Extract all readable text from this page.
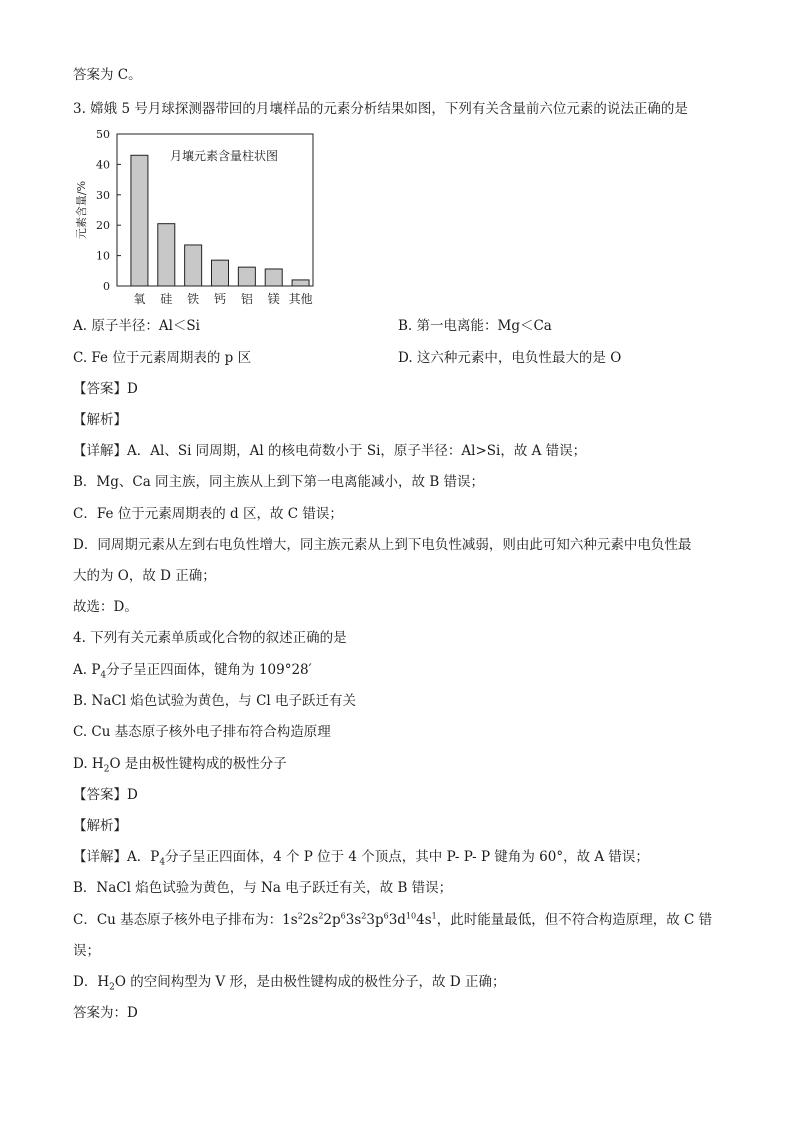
答案为 C。
3. 嫦娥 5 号月球探测器带回的月壤样品的元素分析结果如图，下列有关含量前六位元素的说法正确的是
0
10
20
30
40
50
元素含量/%
月壤元素含量柱状图
氧 硅 铁 钙 铝 镁 其他
A. 原子半径：Al＜Si	B. 第一电离能：Mg＜Ca
C. Fe 位于元素周期表的 p 区	D. 这六种元素中，电负性最大的是 O
【答案】D
【解析】
【详解】A．Al、Si 同周期，Al 的核电荷数小于 Si，原子半径：Al>Si，故 A 错误；
B．Mg、Ca 同主族，同主族从上到下第一电离能减小，故 B 错误；
C．Fe 位于元素周期表的 d 区，故 C 错误；
D．同周期元素从左到右电负性增大，同主族元素从上到下电负性减弱，则由此可知六种元素中电负性最
大的为 O，故 D 正确；
故选：D。
4. 下列有关元素单质或化合物的叙述正确的是
A. $P_4$分子呈正四面体，键角为 109°28′
B. NaCl 焰色试验为黄色，与 Cl 电子跃迁有关
C. Cu 基态原子核外电子排布符合构造原理
D. $H_2O$ 是由极性键构成的极性分子
【答案】D
【解析】
【详解】A．$P_4$分子呈正四面体，4 个 P 位于 4 个顶点，其中 P- P- P 键角为 60°，故 A 错误；
B．NaCl 焰色试验为黄色，与 Na 电子跃迁有关，故 B 错误；
C．Cu 基态原子核外电子排布为：$1s^22s^22p^63s^23p^63d^{10}4s^1$，此时能量最低，但不符合构造原理，故 C 错
误；
D．$H_2O$ 的空间构型为 V 形，是由极性键构成的极性分子，故 D 正确；
答案为：D
